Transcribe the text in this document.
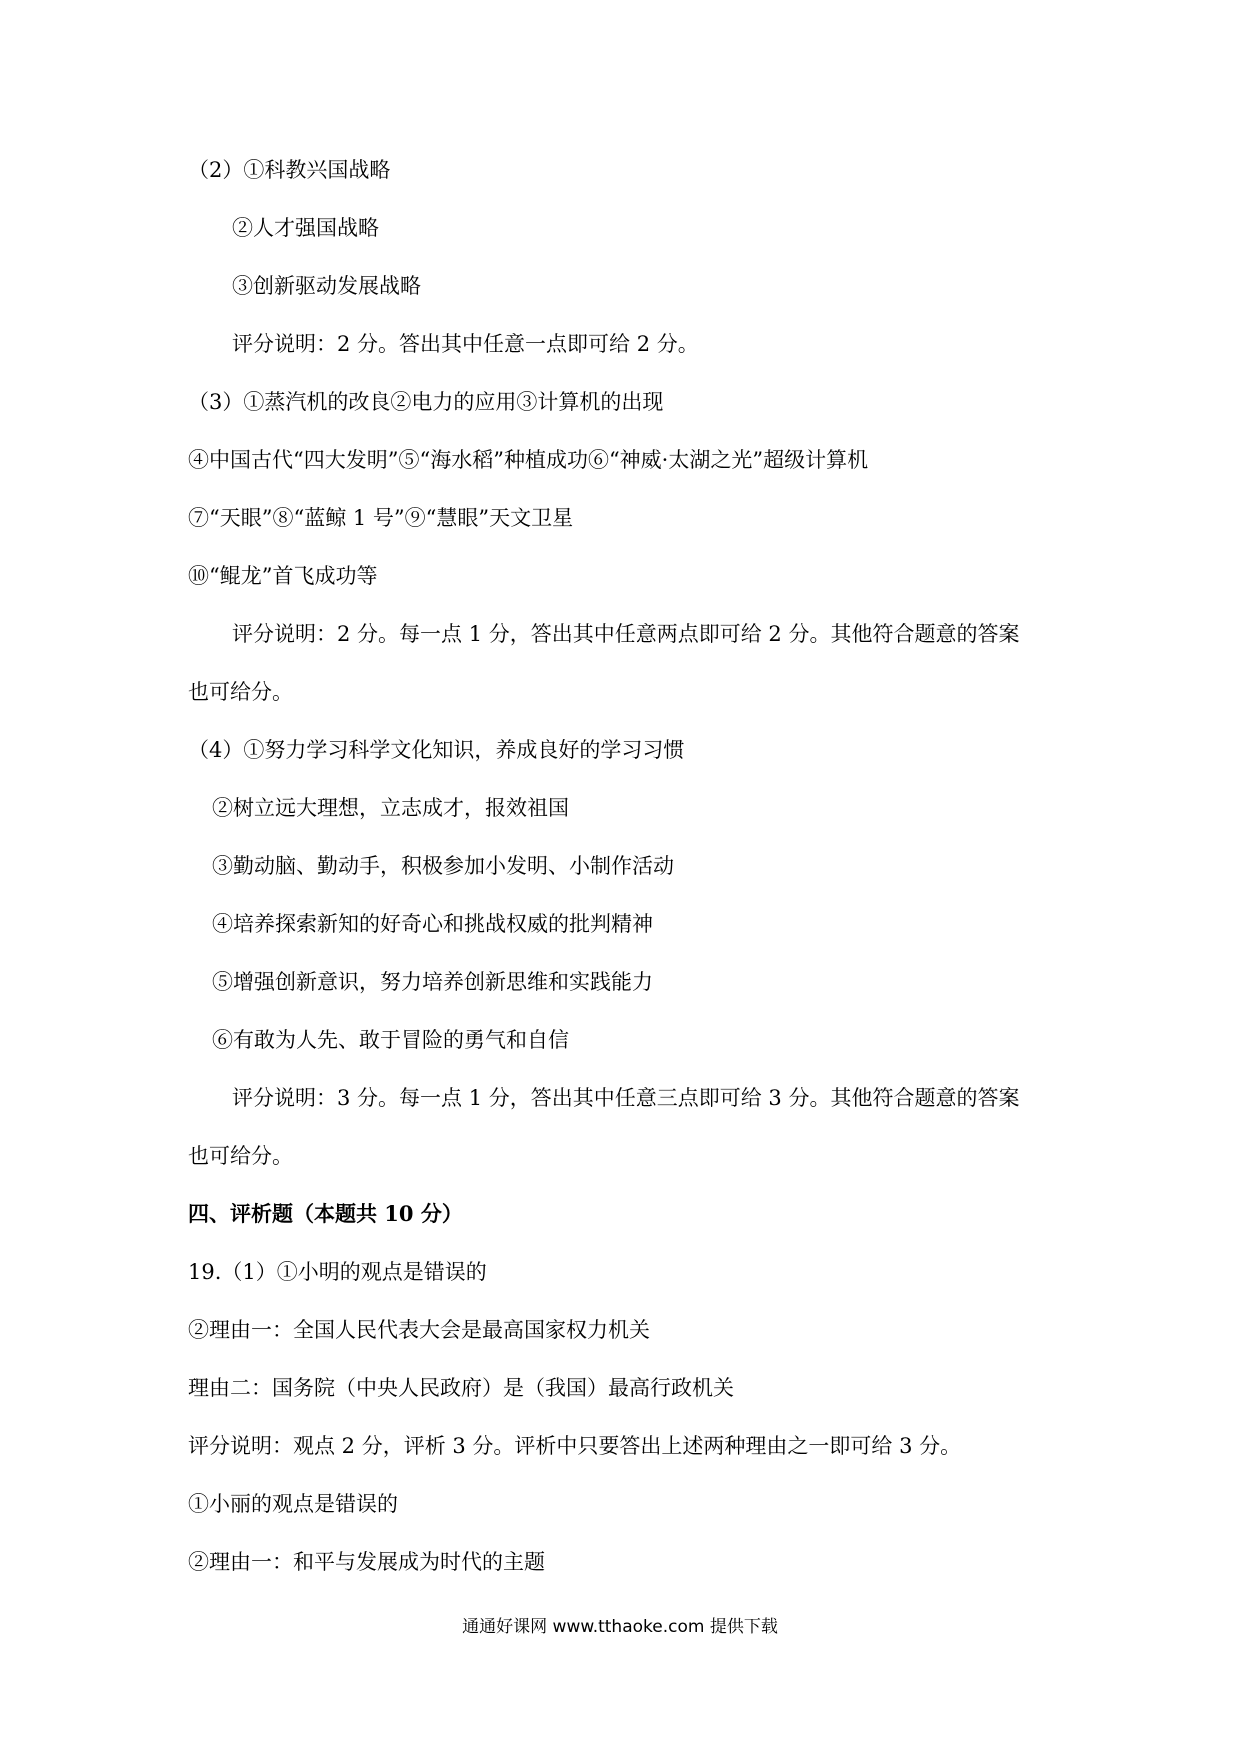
（2）①科教兴国战略
②人才强国战略
③创新驱动发展战略
评分说明：2 分。答出其中任意一点即可给 2 分。
（3）①蒸汽机的改良②电力的应用③计算机的出现
④中国古代“四大发明”⑤“海水稻”种植成功⑥“神威·太湖之光”超级计算机
⑦“天眼”⑧“蓝鲸 1 号”⑨“慧眼”天文卫星
⑩“鲲龙”首飞成功等
评分说明：2 分。每一点 1 分，答出其中任意两点即可给 2 分。其他符合题意的答案
也可给分。
（4）①努力学习科学文化知识，养成良好的学习习惯
②树立远大理想，立志成才，报效祖国
③勤动脑、勤动手，积极参加小发明、小制作活动
④培养探索新知的好奇心和挑战权威的批判精神
⑤增强创新意识，努力培养创新思维和实践能力
⑥有敢为人先、敢于冒险的勇气和自信
评分说明：3 分。每一点 1 分，答出其中任意三点即可给 3 分。其他符合题意的答案
也可给分。
四、评析题（本题共 10 分）
19.（1）①小明的观点是错误的
②理由一：全国人民代表大会是最高国家权力机关
理由二：国务院（中央人民政府）是（我国）最高行政机关
评分说明：观点 2 分，评析 3 分。评析中只要答出上述两种理由之一即可给 3 分。
①小丽的观点是错误的
②理由一：和平与发展成为时代的主题
通通好课网 www.tthaoke.com 提供下载
